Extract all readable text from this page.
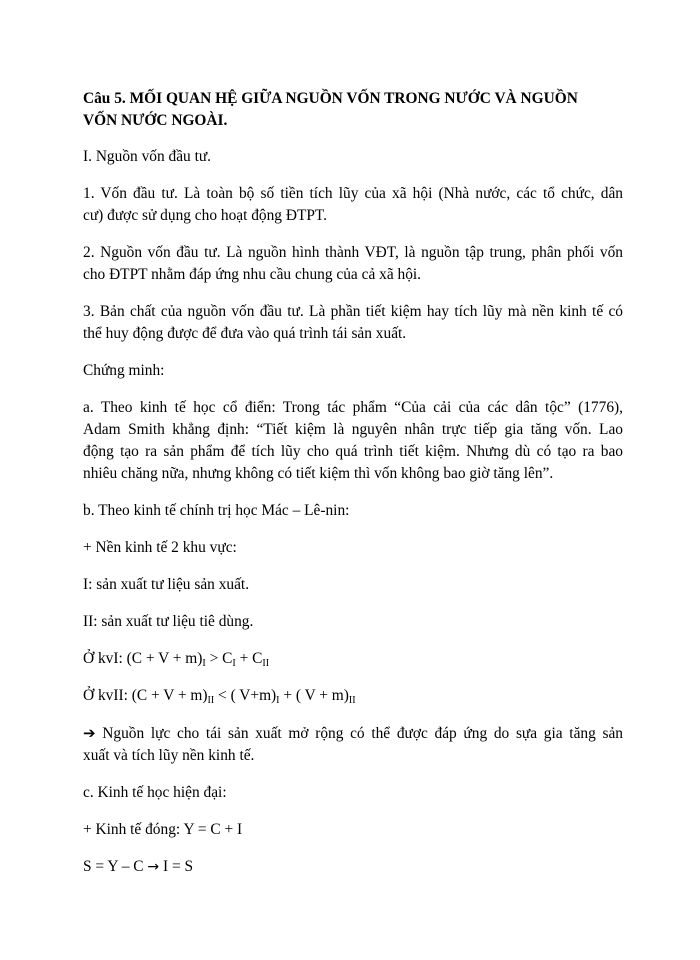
Câu 5. MỐI QUAN HỆ GIỮA NGUỒN VỐN TRONG NƯỚC VÀ NGUỒN
VỐN NƯỚC NGOÀI.

I. Nguồn vốn đầu tư.

1. Vốn đầu tư. Là toàn bộ số tiền tích lũy của xã hội (Nhà nước, các tổ chức, dân
cư) được sử dụng cho hoạt động ĐTPT.

2. Nguồn vốn đầu tư. Là nguồn hình thành VĐT, là nguồn tập trung, phân phối vốn
cho ĐTPT nhằm đáp ứng nhu cầu chung của cả xã hội.

3. Bản chất của nguồn vốn đầu tư. Là phần tiết kiệm hay tích lũy mà nền kinh tế có
thể huy động được để đưa vào quá trình tái sản xuất.

Chứng minh:

a. Theo kinh tế học cổ điển: Trong tác phẩm “Của cải của các dân tộc” (1776),
Adam Smith khẳng định: “Tiết kiệm là nguyên nhân trực tiếp gia tăng vốn. Lao
động tạo ra sản phẩm để tích lũy cho quá trình tiết kiệm. Nhưng dù có tạo ra bao
nhiêu chăng nữa, nhưng không có tiết kiệm thì vốn không bao giờ tăng lên”.

b. Theo kinh tế chính trị học Mác – Lê-nin:

+ Nền kinh tế 2 khu vực:

I: sản xuất tư liệu sản xuất.

II: sản xuất tư liệu tiê dùng.

Ở kvI: $(C + V + m)_I > C_I + C_{II}$

Ở kvII: $(C + V + m)_{II}$ < ( $V+m)_I$ + ( $V + m)_{II}$

➔ Nguồn lực cho tái sản xuất mở rộng có thể được đáp ứng do sựa gia tăng sản
xuất và tích lũy nền kinh tế.

c. Kinh tế học hiện đại:

+ Kinh tế đóng: Y = C + I

S = Y – C → I = S
